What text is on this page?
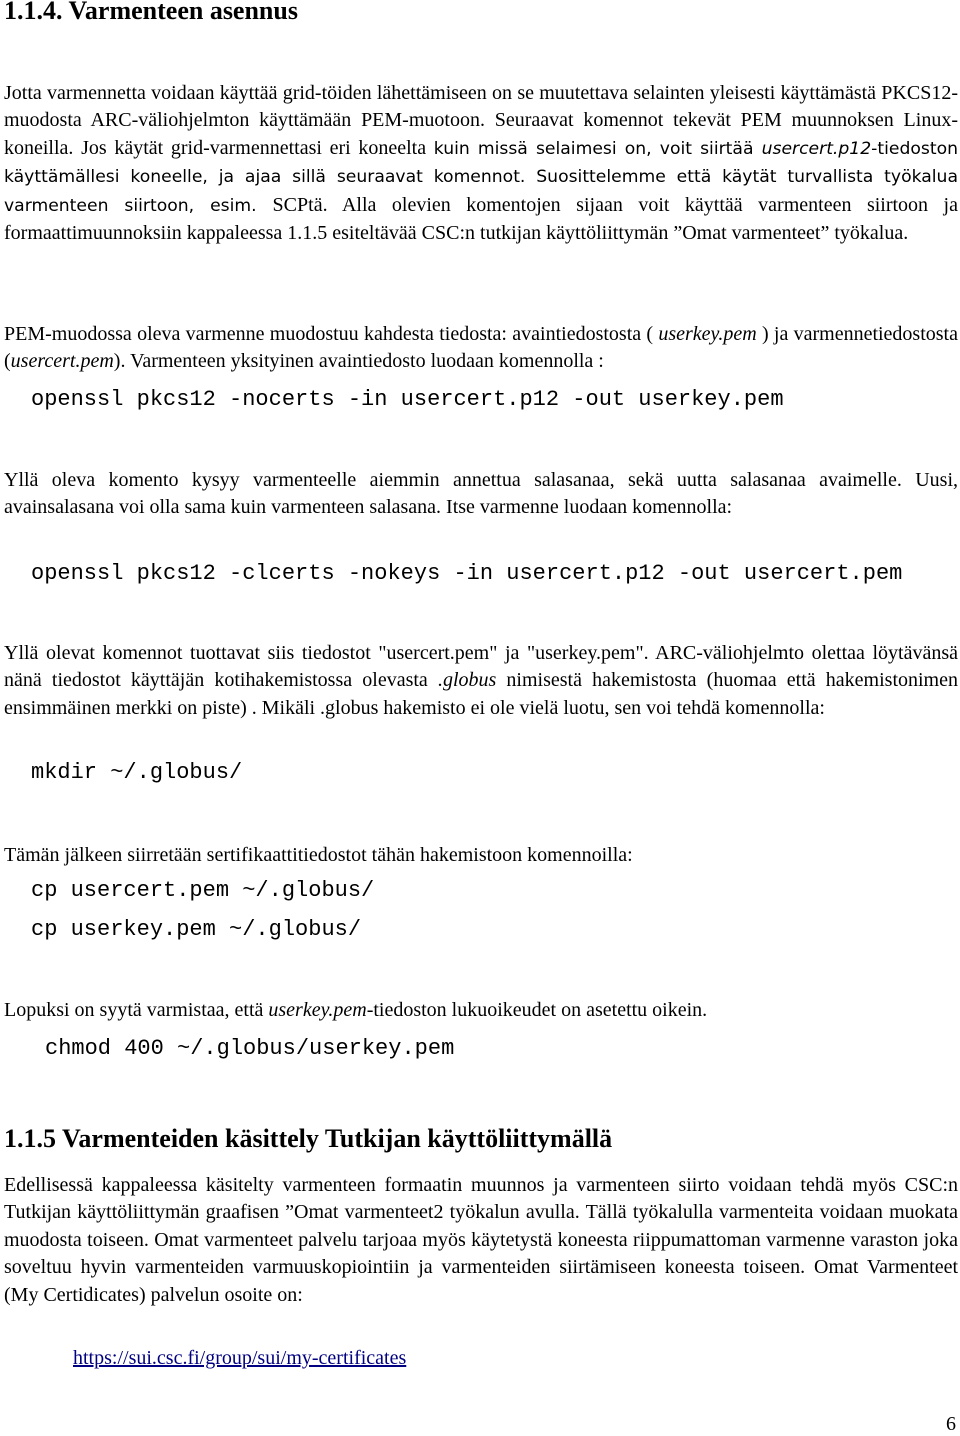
1.1.4. Varmenteen asennus

Jotta varmennetta voidaan käyttää grid-töiden lähettämiseen on se muutettava selainten yleisesti käyttämästä PKCS12-muodosta ARC-väliohjelmton käyttämään PEM-muotoon. Seuraavat komennot tekevät PEM muunnoksen Linux-koneilla. Jos käytät grid-varmennettasi eri koneelta kuin missä selaimesi on, voit siirtää usercert.p12-tiedoston käyttämällesi koneelle, ja ajaa sillä seuraavat komennot. Suosittelemme että käytät turvallista työkalua varmenteen siirtoon, esim. SCPtä. Alla olevien komentojen sijaan voit käyttää varmenteen siirtoon ja formaattimuunnoksiin kappaleessa 1.1.5 esiteltävää CSC:n tutkijan käyttöliittymän ”Omat varmenteet” työkalua.

PEM-muodossa oleva varmenne muodostuu kahdesta tiedosta: avaintiedostosta ( userkey.pem ) ja varmennetiedostosta (usercert.pem). Varmenteen yksityinen avaintiedosto luodaan komennolla :

openssl pkcs12 -nocerts -in usercert.p12 -out userkey.pem

Yllä oleva komento kysyy varmenteelle aiemmin annettua salasanaa, sekä uutta salasanaa avaimelle. Uusi, avainsalasana voi olla sama kuin varmenteen salasana. Itse varmenne luodaan komennolla:

openssl pkcs12 -clcerts -nokeys -in usercert.p12 -out usercert.pem

Yllä olevat komennot tuottavat siis tiedostot "usercert.pem" ja "userkey.pem". ARC-väliohjelmto olettaa löytävänsä nänä tiedostot käyttäjän kotihakemistossa olevasta .globus nimisestä hakemistosta (huomaa että hakemistonimen ensimmäinen merkki on piste) . Mikäli .globus hakemisto ei ole vielä luotu, sen voi tehdä komennolla:

mkdir ~/.globus/

Tämän jälkeen siirretään sertifikaattitiedostot tähän hakemistoon komennoilla:

cp usercert.pem ~/.globus/
cp userkey.pem ~/.globus/

Lopuksi on syytä varmistaa, että userkey.pem-tiedoston lukuoikeudet on asetettu oikein.

chmod 400 ~/.globus/userkey.pem
1.1.5 Varmenteiden käsittely Tutkijan käyttöliittymällä

Edellisessä kappaleessa käsitelty varmenteen formaatin muunnos ja varmenteen siirto voidaan tehdä myös CSC:n Tutkijan käyttöliittymän graafisen ”Omat varmenteet2 työkalun avulla. Tällä työkalulla varmenteita voidaan muokata muodosta toiseen. Omat varmenteet palvelu tarjoaa myös käytetystä koneesta riippumattoman varmenne varaston joka soveltuu hyvin varmenteiden varmuuskopiointiin ja varmenteiden siirtämiseen koneesta toiseen. Omat Varmenteet (My Certidicates) palvelun osoite on:

https://sui.csc.fi/group/sui/my-certificates
6
